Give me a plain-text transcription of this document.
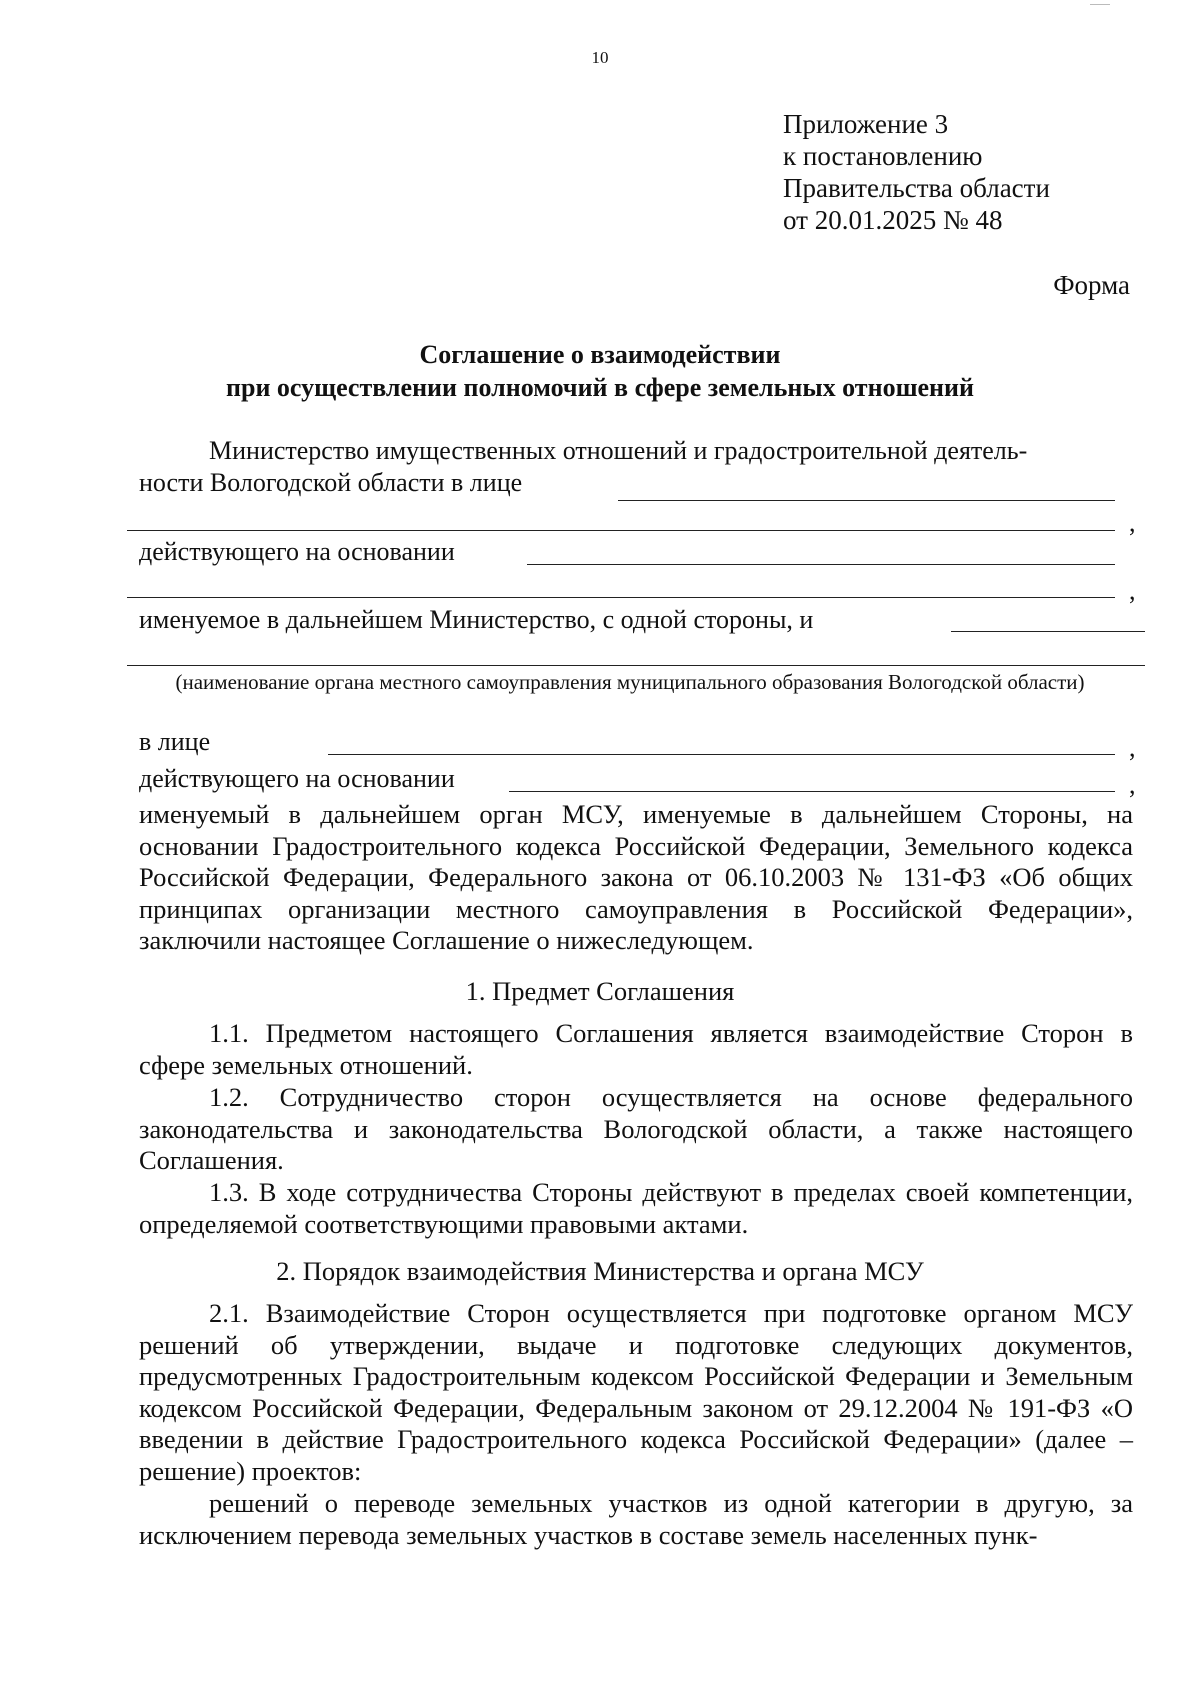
10
Приложение 3
к постановлению
Правительства области
от 20.01.2025 № 48
Форма
Соглашение о взаимодействии
при осуществлении полномочий в сфере земельных отношений
Министерство имущественных отношений и градостроительной деятель-
ности Вологодской области в лице
,
действующего на основании
,
именуемое в дальнейшем Министерство, с одной стороны, и
(наименование органа местного самоуправления муниципального образования Вологодской области)
в лице	,
действующего на основании	,
именуемый в дальнейшем орган МСУ, именуемые в дальнейшем Стороны, на основании Градостроительного кодекса Российской Федерации, Земельного кодекса Российской Федерации, Федерального закона от 06.10.2003 № 131-ФЗ «Об общих принципах организации местного самоуправления в Российской Федерации», заключили настоящее Соглашение о нижеследующем.
1. Предмет Соглашения
1.1. Предметом настоящего Соглашения является взаимодействие Сторон в сфере земельных отношений.
1.2. Сотрудничество сторон осуществляется на основе федерального законодательства и законодательства Вологодской области, а также настоящего Соглашения.
1.3. В ходе сотрудничества Стороны действуют в пределах своей компетенции, определяемой соответствующими правовыми актами.
2. Порядок взаимодействия Министерства и органа МСУ
2.1. Взаимодействие Сторон осуществляется при подготовке органом МСУ решений об утверждении, выдаче и подготовке следующих документов, предусмотренных Градостроительным кодексом Российской Федерации и Земельным кодексом Российской Федерации, Федеральным законом от 29.12.2004 № 191-ФЗ «О введении в действие Градостроительного кодекса Российской Федерации» (далее – решение) проектов:
решений о переводе земельных участков из одной категории в другую, за исключением перевода земельных участков в составе земель населенных пунк-
